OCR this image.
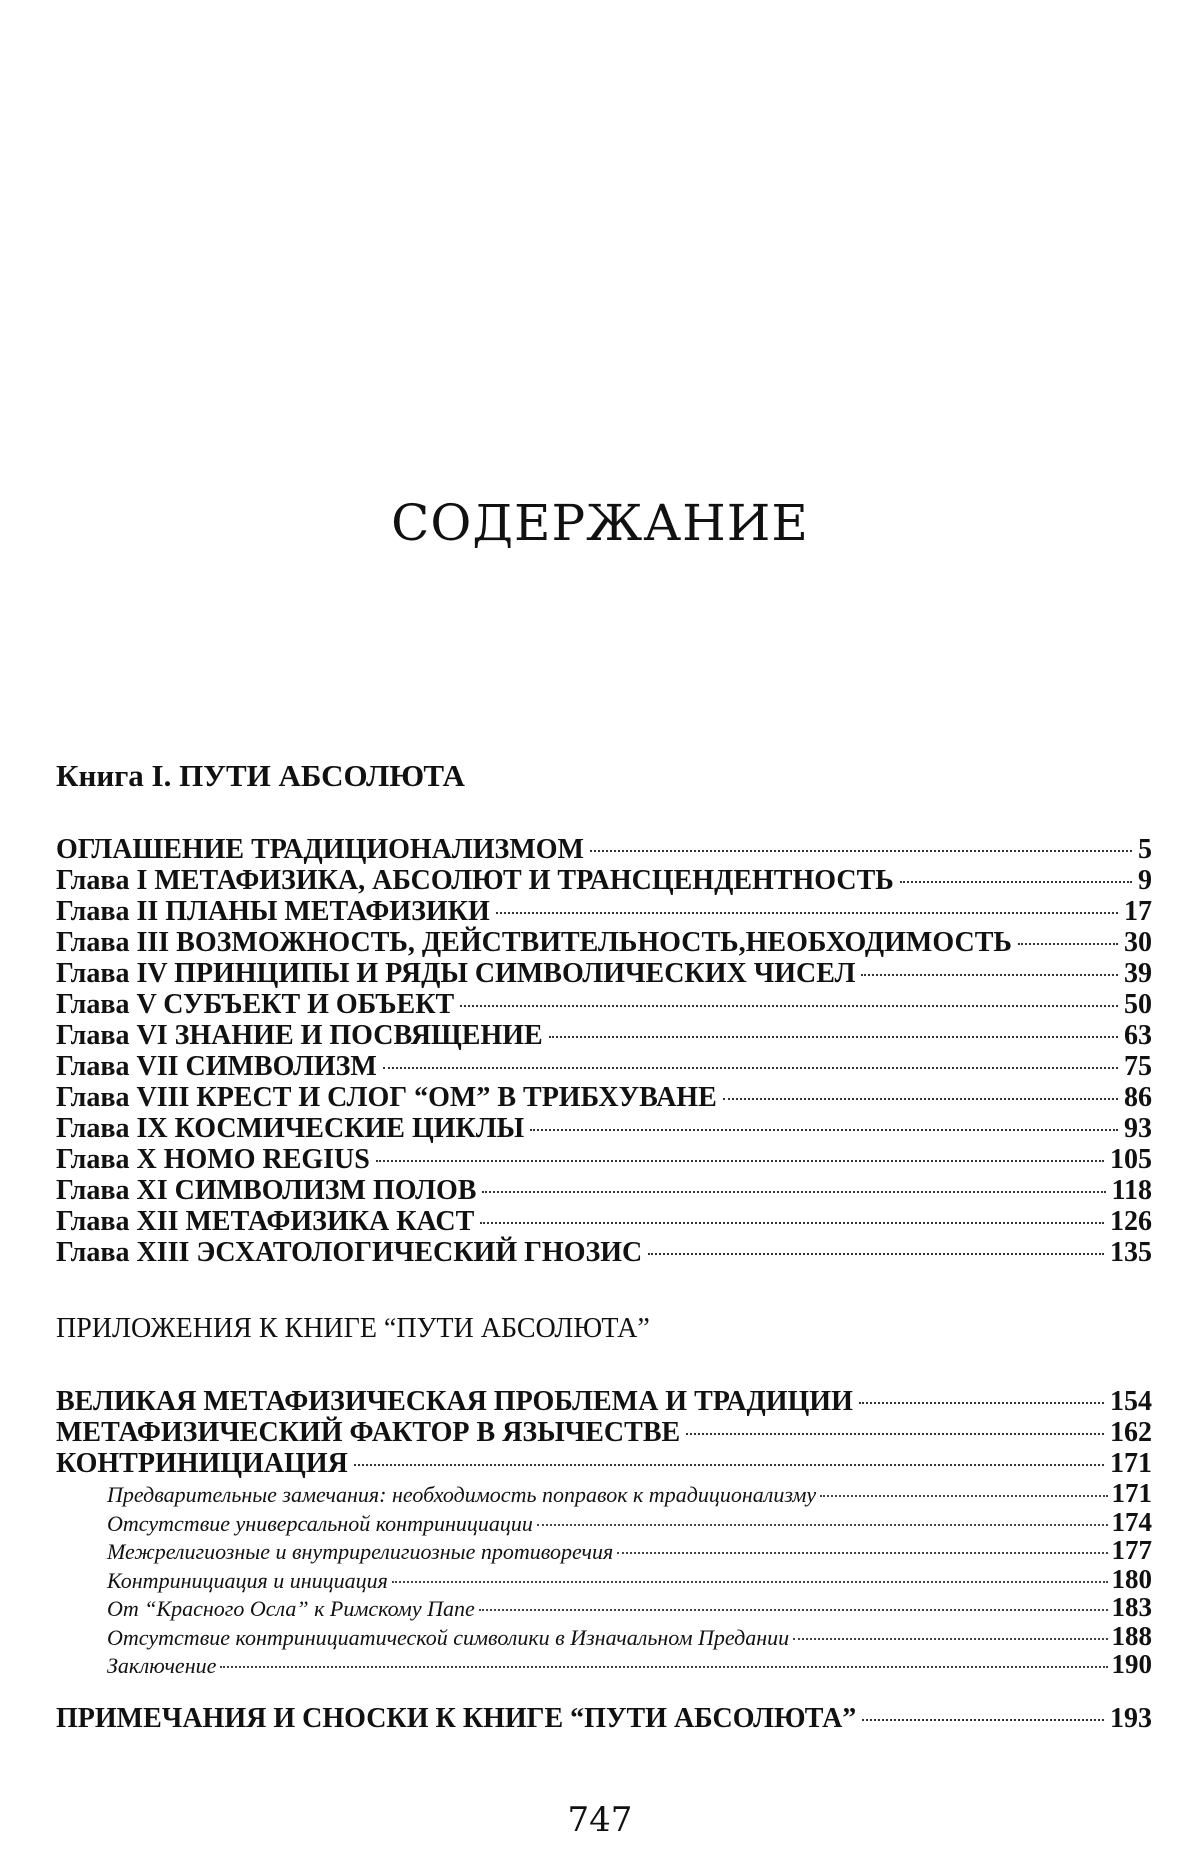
СОДЕРЖАНИЕ
Книга I. ПУТИ АБСОЛЮТА
ОГЛАШЕНИЕ ТРАДИЦИОНАЛИЗМОМ	5
Глава I МЕТАФИЗИКА, АБСОЛЮТ И ТРАНСЦЕНДЕНТНОСТЬ	9
Глава II ПЛАНЫ МЕТАФИЗИКИ	17
Глава III ВОЗМОЖНОСТЬ, ДЕЙСТВИТЕЛЬНОСТЬ,НЕОБХОДИМОСТЬ	30
Глава IV ПРИНЦИПЫ И РЯДЫ СИМВОЛИЧЕСКИХ ЧИСЕЛ	39
Глава V СУБЪЕКТ И ОБЪЕКТ	50
Глава VI ЗНАНИЕ И ПОСВЯЩЕНИЕ	63
Глава VII СИМВОЛИЗМ	75
Глава VIII КРЕСТ И СЛОГ “ОМ” В ТРИБХУВАНЕ	86
Глава IX КОСМИЧЕСКИЕ ЦИКЛЫ	93
Глава X HOMO REGIUS	105
Глава XI СИМВОЛИЗМ ПОЛОВ	118
Глава XII МЕТАФИЗИКА КАСТ	126
Глава XIII ЭСХАТОЛОГИЧЕСКИЙ ГНОЗИС	135
ПРИЛОЖЕНИЯ К КНИГЕ “ПУТИ АБСОЛЮТА”
ВЕЛИКАЯ МЕТАФИЗИЧЕСКАЯ ПРОБЛЕМА И ТРАДИЦИИ	154
МЕТАФИЗИЧЕСКИЙ ФАКТОР В ЯЗЫЧЕСТВЕ	162
КОНТРИНИЦИАЦИЯ	171
Предварительные замечания: необходимость поправок к традиционализму	171
Отсутствие универсальной контринициации	174
Межрелигиозные и внутрирелигиозные противоречия	177
Контринициация и инициация	180
От “Красного Осла” к Римскому Папе	183
Отсутствие контринициатической символики в Изначальном Предании	188
Заключение	190
ПРИМЕЧАНИЯ И СНОСКИ К КНИГЕ “ПУТИ АБСОЛЮТА”	193
747
